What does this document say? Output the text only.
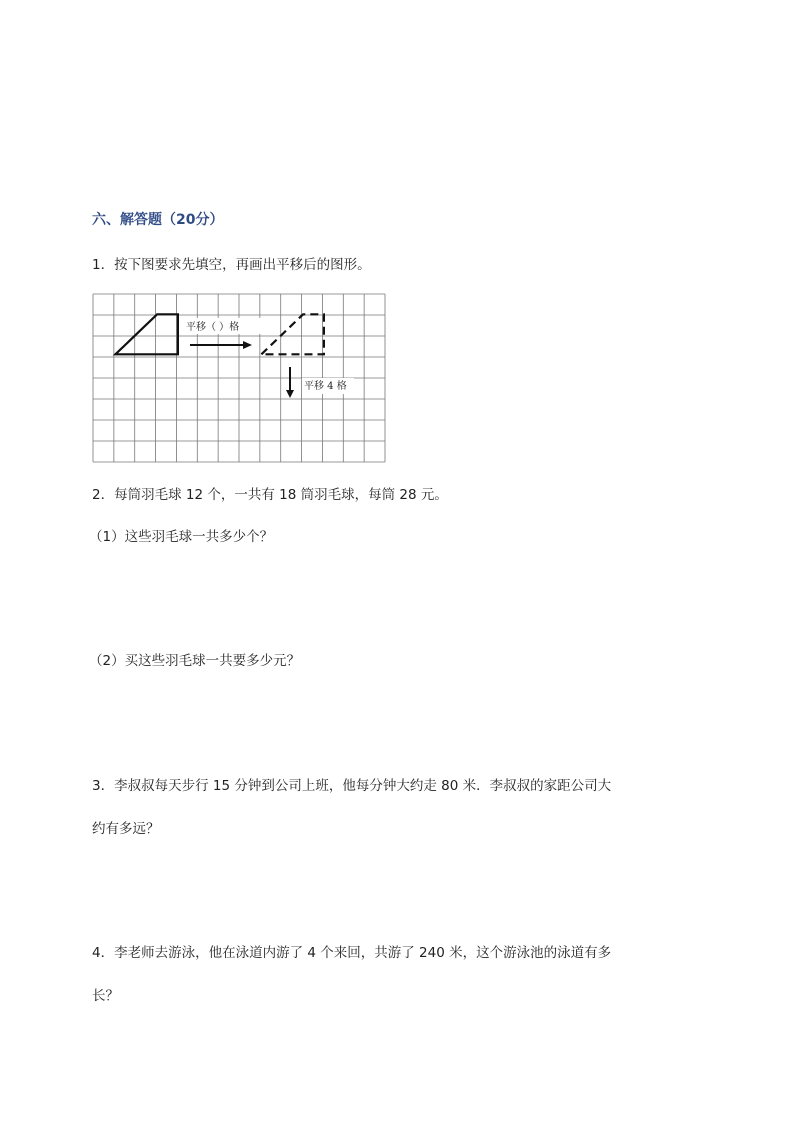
六、解答题（20分）
1．按下图要求先填空，再画出平移后的图形。
平移（ ）格
平移 4 格
2．每筒羽毛球 12 个，一共有 18 筒羽毛球，每筒 28 元。
（1）这些羽毛球一共多少个？
（2）买这些羽毛球一共要多少元？
3．李叔叔每天步行 15 分钟到公司上班，他每分钟大约走 80 米．李叔叔的家距公司大
约有多远？
4．李老师去游泳，他在泳道内游了 4 个来回，共游了 240 米，这个游泳池的泳道有多
长？
